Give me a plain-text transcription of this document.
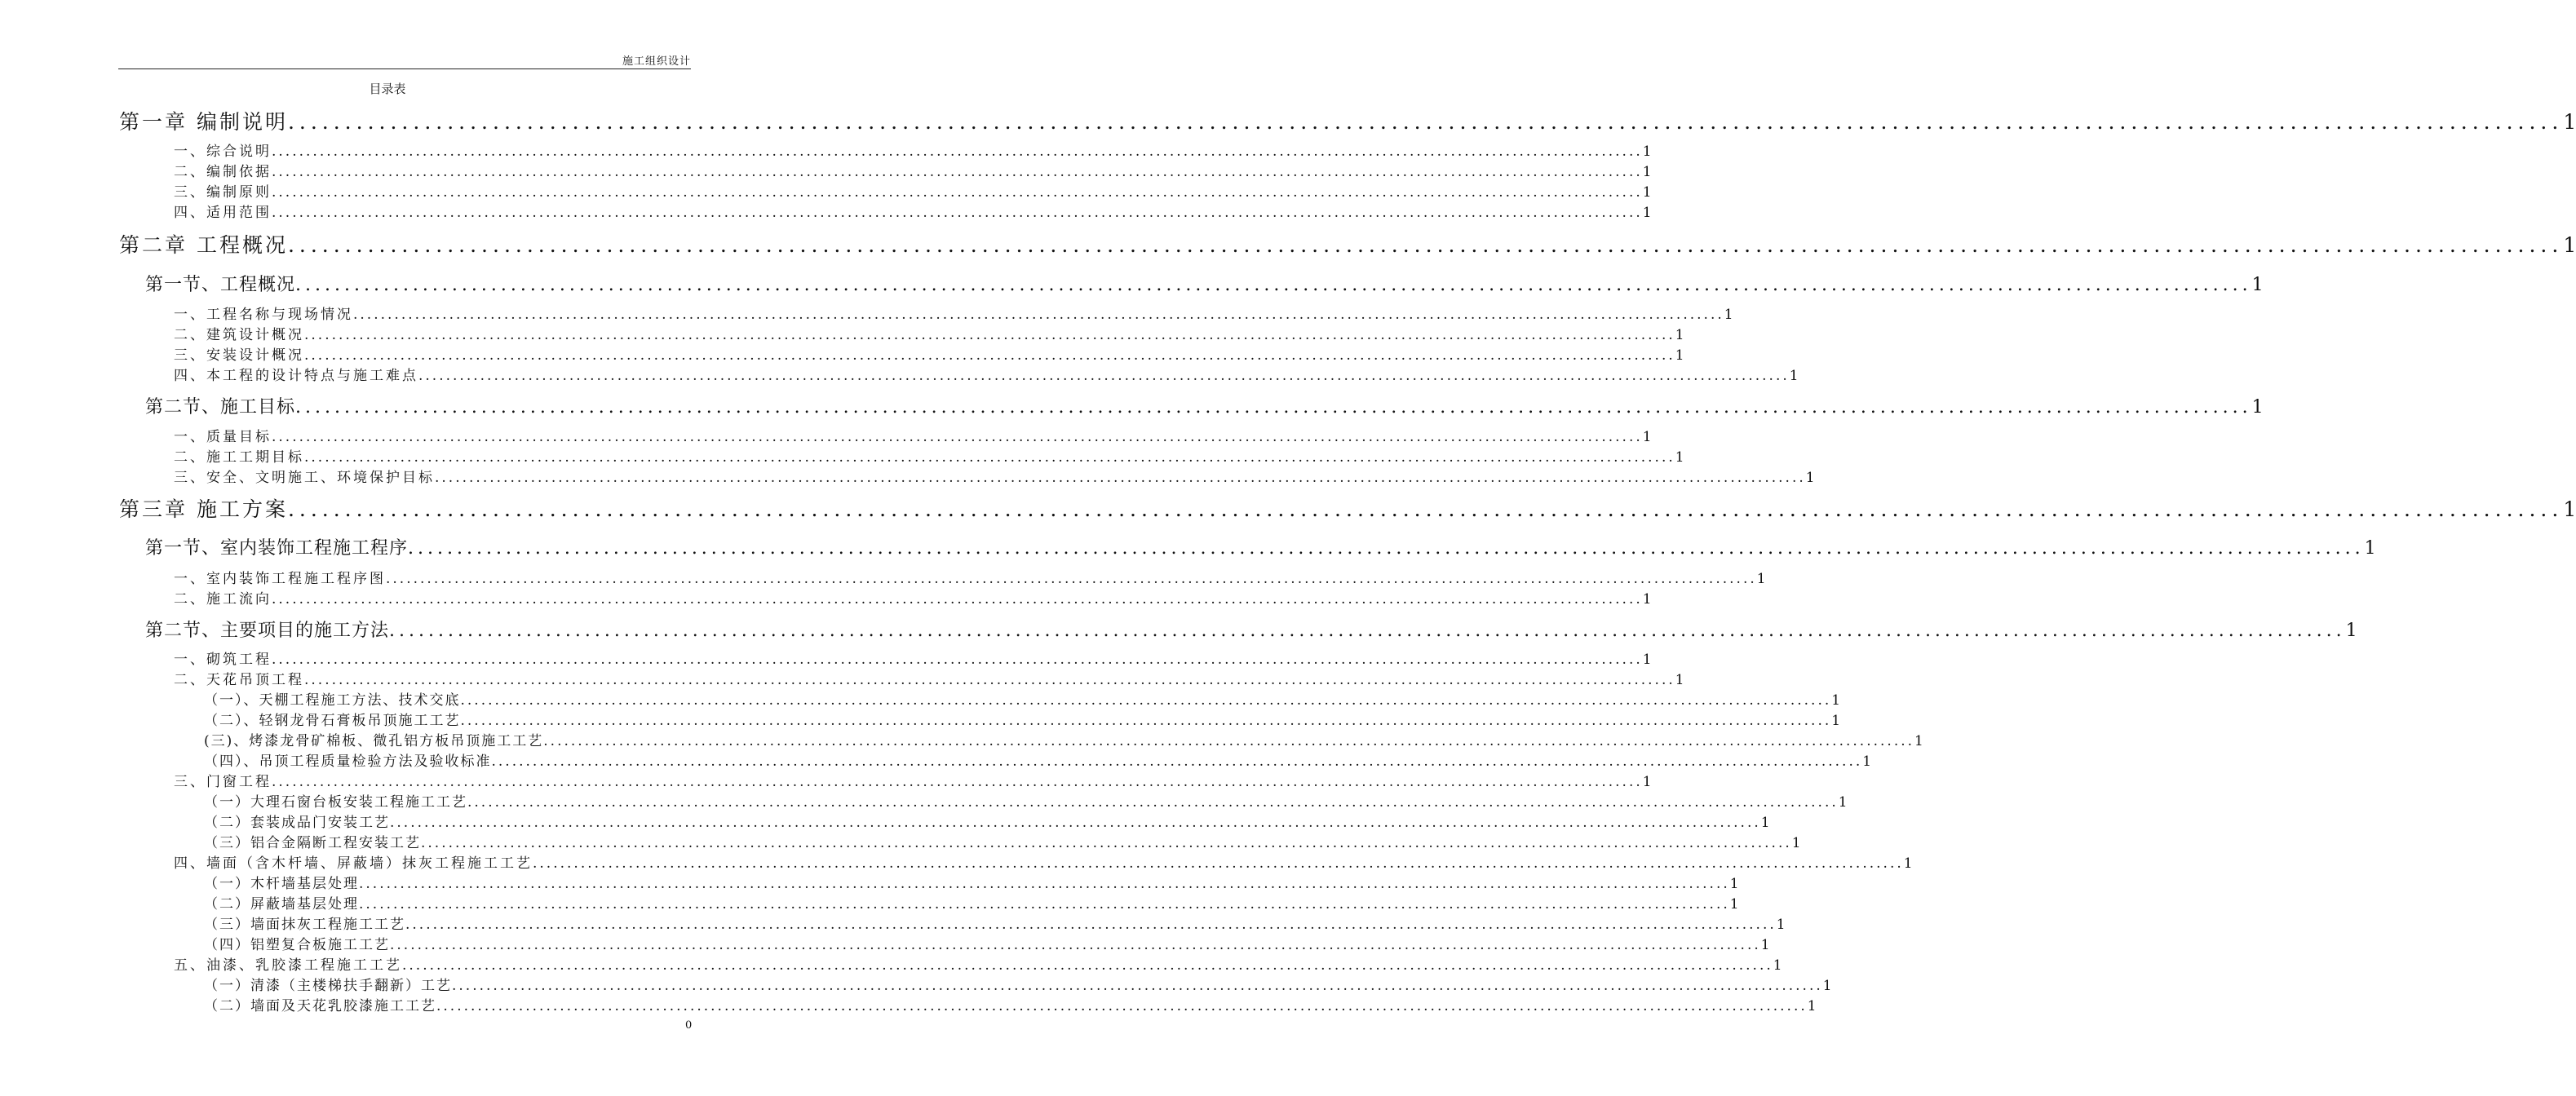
施工组织设计
目录表
第一章 编制说明 ........................................................................................................................................................................................................ 1
一、综合说明 ........................................................................................................................................................................................................ 1
二、编制依据 ........................................................................................................................................................................................................ 1
三、编制原则 ........................................................................................................................................................................................................ 1
四、适用范围 ........................................................................................................................................................................................................ 1
第二章 工程概况 ........................................................................................................................................................................................................ 1
第一节、工程概况 ........................................................................................................................................................................................................ 1
一、工程名称与现场情况 ........................................................................................................................................................................................................ 1
二、建筑设计概况 ........................................................................................................................................................................................................ 1
三、安装设计概况 ........................................................................................................................................................................................................ 1
四、本工程的设计特点与施工难点 ........................................................................................................................................................................................................ 1
第二节、施工目标 ........................................................................................................................................................................................................ 1
一、质量目标 ........................................................................................................................................................................................................ 1
二、施工工期目标 ........................................................................................................................................................................................................ 1
三、安全、文明施工、环境保护目标 ........................................................................................................................................................................................................ 1
第三章 施工方案 ........................................................................................................................................................................................................ 1
第一节、室内装饰工程施工程序 ........................................................................................................................................................................................................ 1
一、室内装饰工程施工程序图 ........................................................................................................................................................................................................ 1
二、施工流向 ........................................................................................................................................................................................................ 1
第二节、主要项目的施工方法 ........................................................................................................................................................................................................ 1
一、砌筑工程 ........................................................................................................................................................................................................ 1
二、天花吊顶工程 ........................................................................................................................................................................................................ 1
（一）、天棚工程施工方法、技术交底 ........................................................................................................................................................................................................ 1
（二）、轻钢龙骨石膏板吊顶施工工艺 ........................................................................................................................................................................................................ 1
(三)、烤漆龙骨矿棉板、微孔铝方板吊顶施工工艺 ........................................................................................................................................................................................................ 1
（四）、吊顶工程质量检验方法及验收标准 ........................................................................................................................................................................................................ 1
三、门窗工程 ........................................................................................................................................................................................................ 1
（一）大理石窗台板安装工程施工工艺 ........................................................................................................................................................................................................ 1
（二）套装成品门安装工艺 ........................................................................................................................................................................................................ 1
（三）铝合金隔断工程安装工艺 ........................................................................................................................................................................................................ 1
四、墙面（含木杆墙、屏蔽墙）抹灰工程施工工艺 ........................................................................................................................................................................................................ 1
（一）木杆墙基层处理 ........................................................................................................................................................................................................ 1
（二）屏蔽墙基层处理 ........................................................................................................................................................................................................ 1
（三）墙面抹灰工程施工工艺 ........................................................................................................................................................................................................ 1
（四）铝塑复合板施工工艺 ........................................................................................................................................................................................................ 1
五、油漆、乳胶漆工程施工工艺 ........................................................................................................................................................................................................ 1
（一）清漆（主楼梯扶手翻新）工艺 ........................................................................................................................................................................................................ 1
（二）墙面及天花乳胶漆施工工艺 ........................................................................................................................................................................................................ 1
0
